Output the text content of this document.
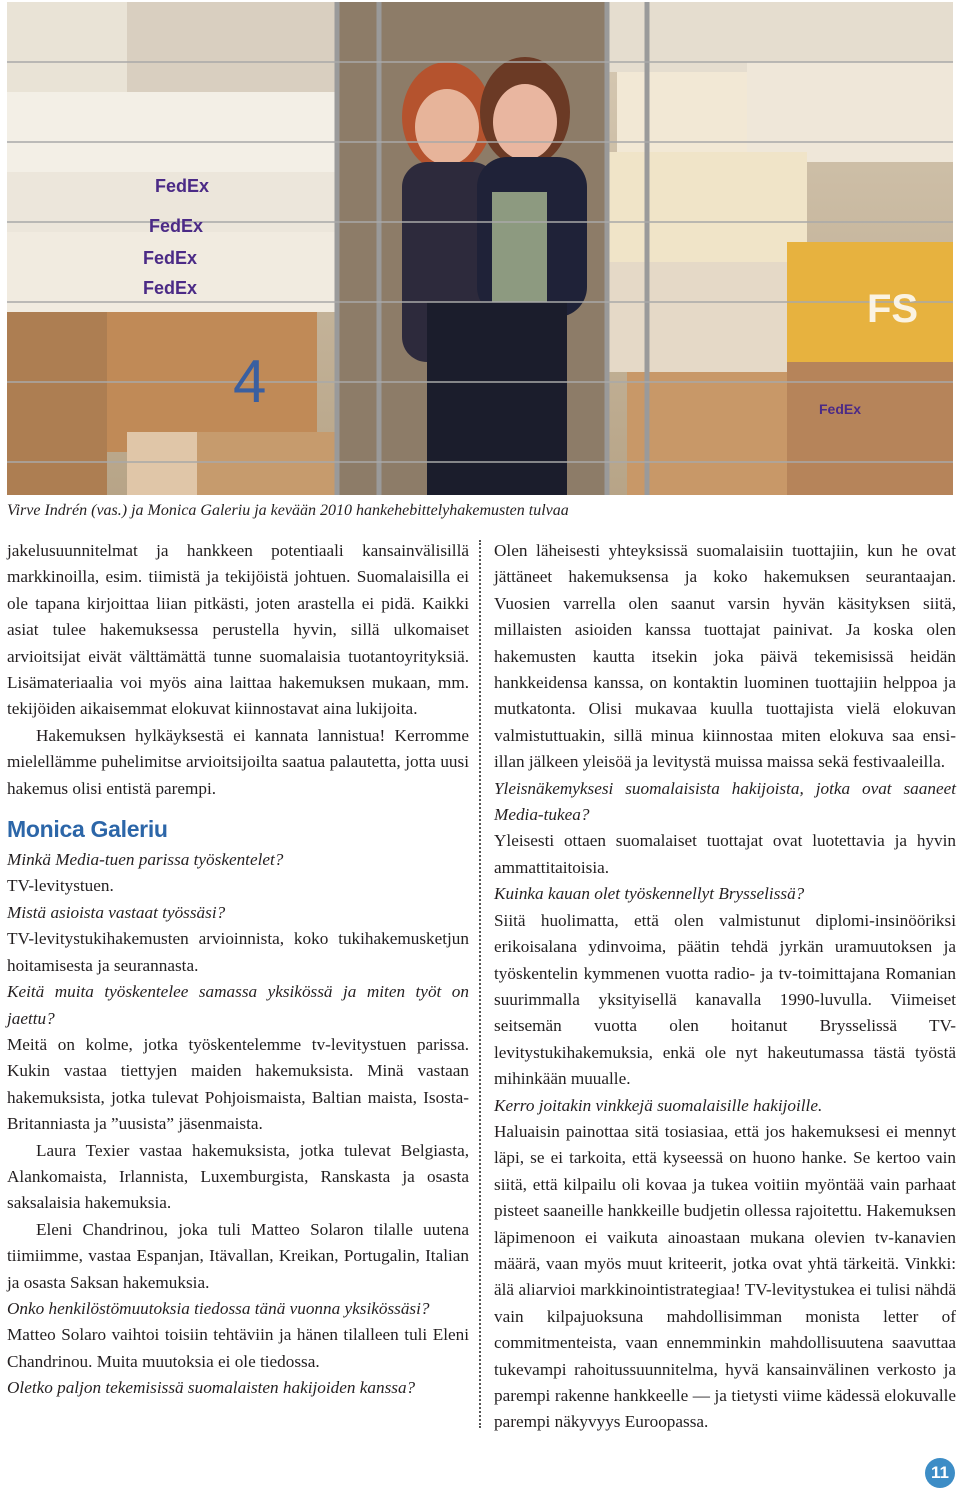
FedEx
FedEx
FedEx
FedEx
FedEx
4
FS
Virve Indrén (vas.) ja Monica Galeriu ja kevään 2010 hankehebittelyhakemusten tulvaa

jakelusuunnitelmat ja hankkeen potentiaali kansainvälisillä markkinoilla, esim. tiimistä ja tekijöistä johtuen. Suomalaisilla ei ole tapana kirjoittaa liian pitkästi, joten arastella ei pidä. Kaikki asiat tulee hakemuksessa perustella hyvin, sillä ulkomaiset arvioitsijat eivät välttämättä tunne suomalaisia tuotantoyrityksiä. Lisämateriaalia voi myös aina laittaa hakemuksen mukaan, mm. tekijöiden aikaisemmat elokuvat kiinnostavat aina lukijoita.

Hakemuksen hylkäyksestä ei kannata lannistua! Kerromme mielellämme puhelimitse arvioitsijoilta saatua palautetta, jotta uusi hakemus olisi entistä parempi.

Monica Galeriu

Minkä Media-tuen parissa työskentelet?

TV-levitystuen.

Mistä asioista vastaat työssäsi?

TV-levitystukihakemusten arvioinnista, koko tukihakemusketjun hoitamisesta ja seurannasta.

Keitä muita työskentelee samassa yksikössä ja miten työt on jaettu?

Meitä on kolme, jotka työskentelemme tv-levitystuen parissa. Kukin vastaa tiettyjen maiden hakemuksista. Minä vastaan hakemuksista, jotka tulevat Pohjoismaista, Baltian maista, Isosta-Britanniasta ja ”uusista” jäsenmaista.

Laura Texier vastaa hakemuksista, jotka tulevat Belgiasta, Alankomaista, Irlannista, Luxemburgista, Ranskasta ja osasta saksalaisia hakemuksia.

Eleni Chandrinou, joka tuli Matteo Solaron tilalle uutena tiimiimme, vastaa Espanjan, Itävallan, Kreikan, Portugalin, Italian ja osasta Saksan hakemuksia.

Onko henkilöstömuutoksia tiedossa tänä vuonna yksikössäsi?

Matteo Solaro vaihtoi toisiin tehtäviin ja hänen tilalleen tuli Eleni Chandrinou. Muita muutoksia ei ole tiedossa.

Oletko paljon tekemisissä suomalaisten hakijoiden kanssa?

Olen läheisesti yhteyksissä suomalaisiin tuottajiin, kun he ovat jättäneet hakemuksensa ja koko hakemuksen seurantaajan. Vuosien varrella olen saanut varsin hyvän käsityksen siitä, millaisten asioiden kanssa tuottajat painivat. Ja koska olen hakemusten kautta itsekin joka päivä tekemisissä heidän hankkeidensa kanssa, on kontaktin luominen tuottajiin helppoa ja mutkatonta. Olisi mukavaa kuulla tuottajista vielä elokuvan valmistuttuakin, sillä minua kiinnostaa miten elokuva saa ensi-illan jälkeen yleisöä ja levitystä muissa maissa sekä festivaaleilla.

Yleisnäkemyksesi suomalaisista hakijoista, jotka ovat saaneet Media-tukea?

Yleisesti ottaen suomalaiset tuottajat ovat luotettavia ja hyvin ammattitaitoisia.

Kuinka kauan olet työskennellyt Brysselissä?

Siitä huolimatta, että olen valmistunut diplomi-insinööriksi erikoisalana ydinvoima, päätin tehdä jyrkän uramuutoksen ja työskentelin kymmenen vuotta radio- ja tv-toimittajana Romanian suurimmalla yksityisellä kanavalla 1990-luvulla. Viimeiset seitsemän vuotta olen hoitanut Brysselissä TV-levitystukihakemuksia, enkä ole nyt hakeutumassa tästä työstä mihinkään muualle.

Kerro joitakin vinkkejä suomalaisille hakijoille.

Haluaisin painottaa sitä tosiasiaa, että jos hakemuksesi ei mennyt läpi, se ei tarkoita, että kyseessä on huono hanke. Se kertoo vain siitä, että kilpailu oli kovaa ja tukea voitiin myöntää vain parhaat pisteet saaneille hankkeille budjetin ollessa rajoitettu. Hakemuksen läpimenoon ei vaikuta ainoastaan mukana olevien tv-kanavien määrä, vaan myös muut kriteerit, jotka ovat yhtä tärkeitä. Vinkki: älä aliarvioi markkinointistrategiaa! TV-levitystukea ei tulisi nähdä vain kilpajuoksuna mahdollisimman monista letter of commitmenteista, vaan ennemminkin mahdollisuutena saavuttaa tukevampi rahoitussuunnitelma, hyvä kansainvälinen verkosto ja parempi rakenne hankkeelle — ja tietysti viime kädessä elokuvalle parempi näkyvyys Euroopassa.

11
